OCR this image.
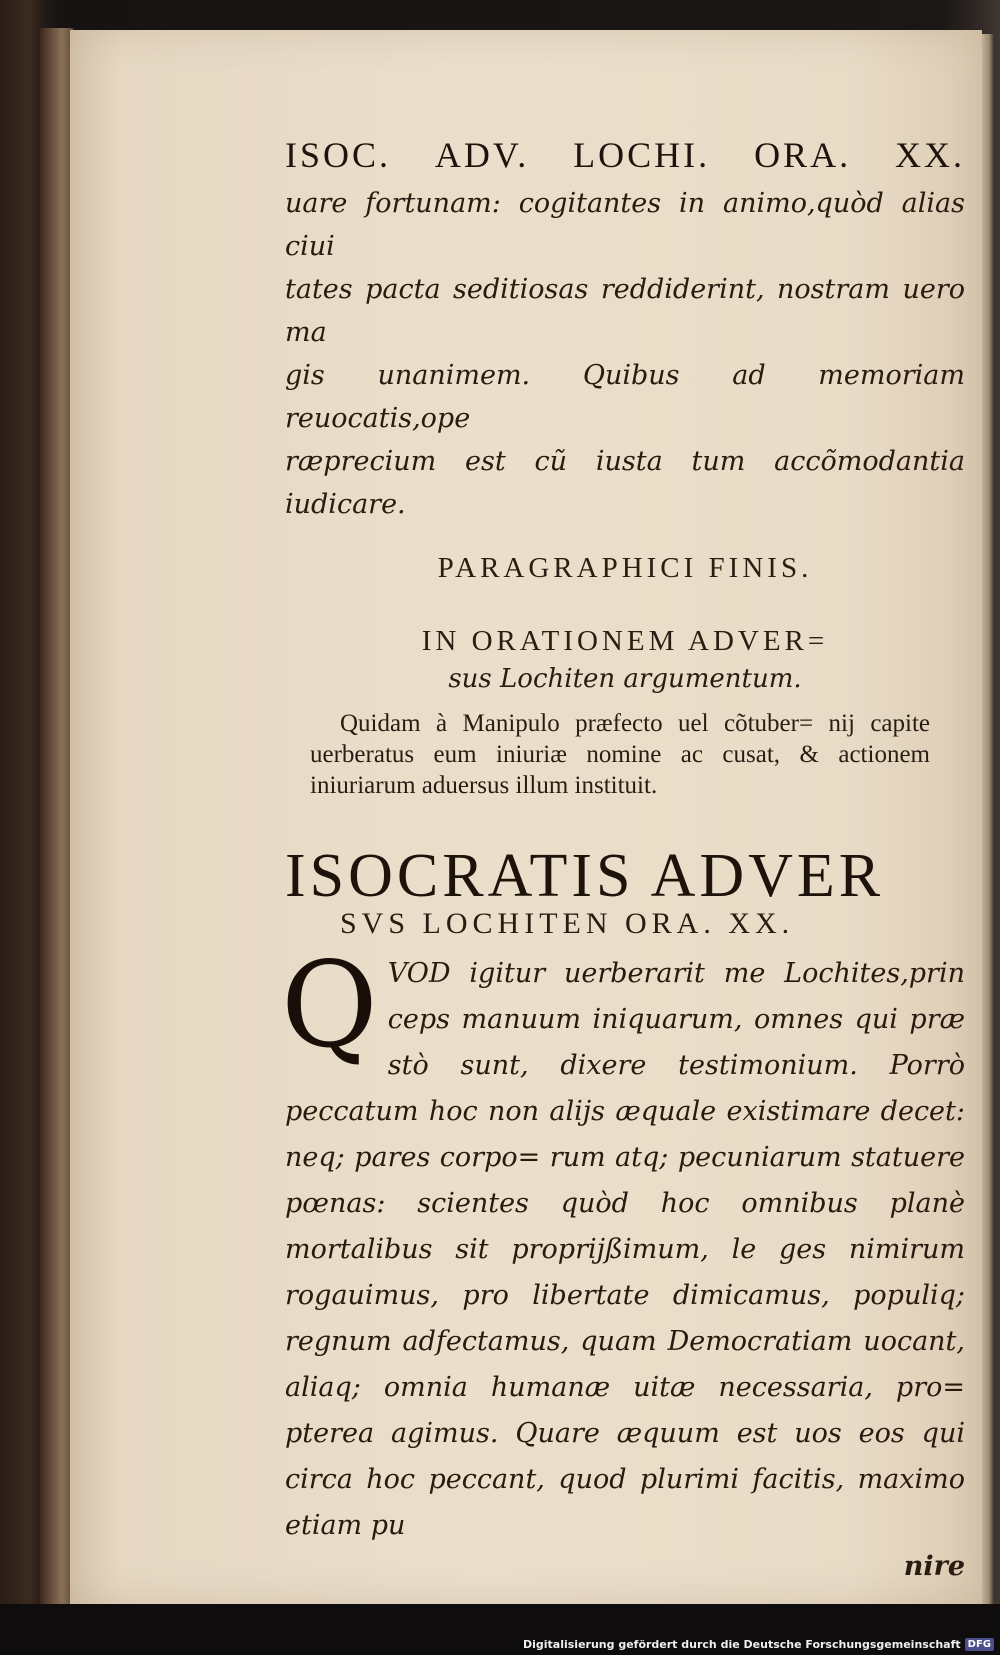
ISOC. ADV. LOCHI. ORA. XX.
uare fortunam: cogitantes in animo,quòd alias ciui
tates pacta seditiosas reddiderint, nostram uero ma
gis unanimem. Quibus ad memoriam reuocatis,ope
ræprecium est cũ iusta tum accõmodantia iudicare.
PARAGRAPHICI FINIS.
IN ORATIONEM ADVER=
sus Lochiten argumentum.
Quidam à Manipulo præfecto uel cõtuber= nij capite uerberatus eum iniuriæ nomine ac cusat, & actionem iniuriarum aduersus illum instituit.
ISOCRATIS ADVER
SVS LOCHITEN ORA. XX.
Q VOD igitur uerberarit me Lochites,prin ceps manuum iniquarum, omnes qui præ stò sunt, dixere testimonium. Porrò peccatum hoc non alijs æquale existimare decet: neq; pares corpo= rum atq; pecuniarum statuere pœnas: scientes quòd hoc omnibus planè mortalibus sit proprijßimum, le ges nimirum rogauimus, pro libertate dimicamus, populiq; regnum adfectamus, quam Democratiam uocant, aliaq; omnia humanæ uitæ necessaria, pro= pterea agimus. Quare æquum est uos eos qui circa hoc peccant, quod plurimi facitis, maximo etiam pu
nire
Digitalisierung gefördert durch die Deutsche Forschungsgemeinschaft DFG
